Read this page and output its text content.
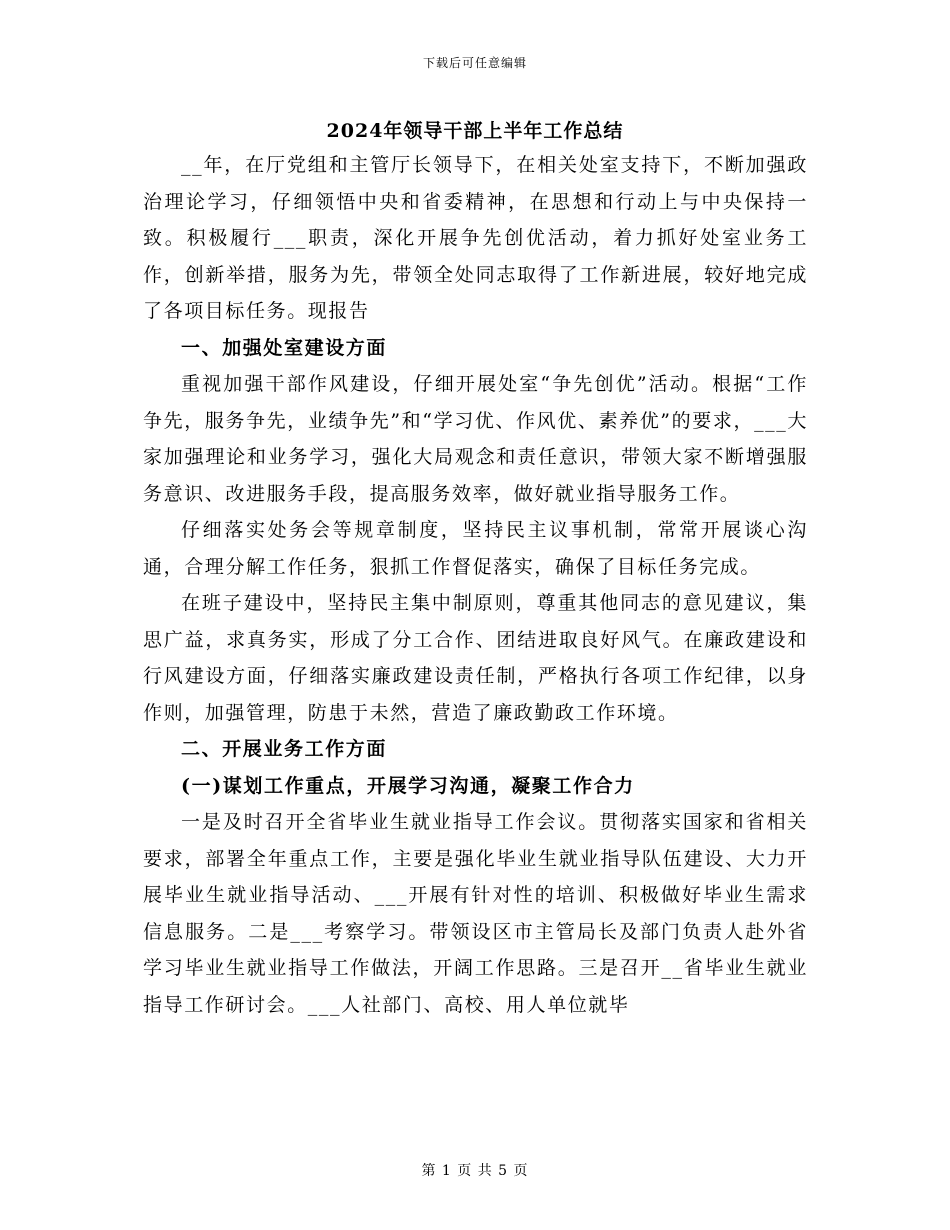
下载后可任意编辑
2024年领导干部上半年工作总结

__年，在厅党组和主管厅长领导下，在相关处室支持下，不断加强政治理论学习，仔细领悟中央和省委精神，在思想和行动上与中央保持一致。积极履行___职责，深化开展争先创优活动，着力抓好处室业务工作，创新举措，服务为先，带领全处同志取得了工作新进展，较好地完成了各项目标任务。现报告

一、加强处室建设方面

重视加强干部作风建设，仔细开展处室“争先创优”活动。根据“工作争先，服务争先，业绩争先”和“学习优、作风优、素养优”的要求，___大家加强理论和业务学习，强化大局观念和责任意识，带领大家不断增强服务意识、改进服务手段，提高服务效率，做好就业指导服务工作。

仔细落实处务会等规章制度，坚持民主议事机制，常常开展谈心沟通，合理分解工作任务，狠抓工作督促落实，确保了目标任务完成。

在班子建设中，坚持民主集中制原则，尊重其他同志的意见建议，集思广益，求真务实，形成了分工合作、团结进取良好风气。在廉政建设和行风建设方面，仔细落实廉政建设责任制，严格执行各项工作纪律，以身作则，加强管理，防患于未然，营造了廉政勤政工作环境。

二、开展业务工作方面
(一)谋划工作重点，开展学习沟通，凝聚工作合力

一是及时召开全省毕业生就业指导工作会议。贯彻落实国家和省相关要求，部署全年重点工作，主要是强化毕业生就业指导队伍建设、大力开展毕业生就业指导活动、___开展有针对性的培训、积极做好毕业生需求信息服务。二是___考察学习。带领设区市主管局长及部门负责人赴外省学习毕业生就业指导工作做法，开阔工作思路。三是召开__省毕业生就业指导工作研讨会。___人社部门、高校、用人单位就毕

第 1 页 共 5 页
